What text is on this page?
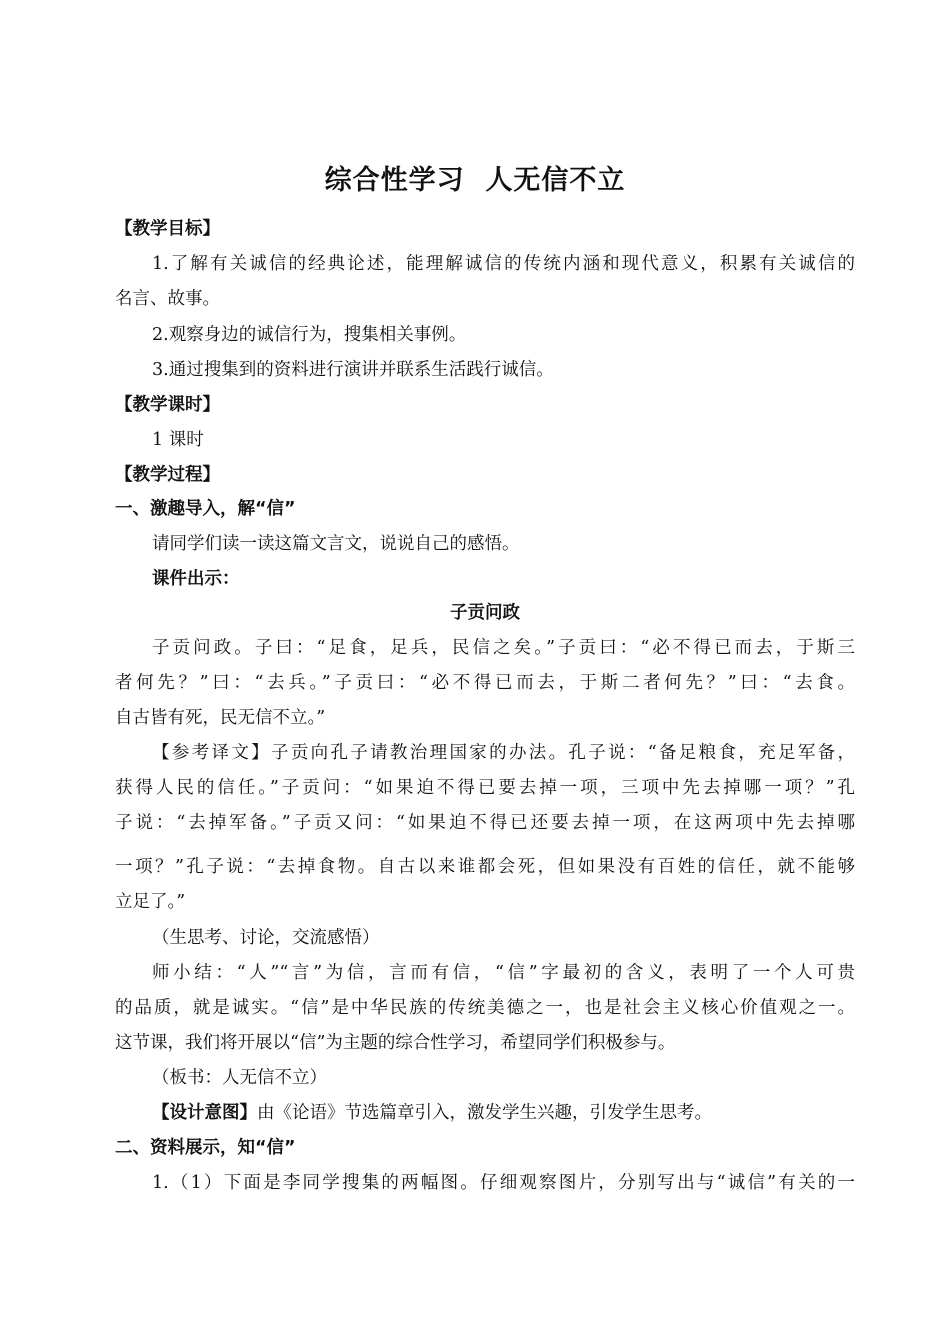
综合性学习  人无信不立
【教学目标】
1.了解有关诚信的经典论述，能理解诚信的传统内涵和现代意义，积累有关诚信的
名言、故事。
2.观察身边的诚信行为，搜集相关事例。
3.通过搜集到的资料进行演讲并联系生活践行诚信。
【教学课时】
1 课时
【教学过程】
一、激趣导入，解“信”
请同学们读一读这篇文言文，说说自己的感悟。
课件出示：
子贡问政
子贡问政。子曰：“足食，足兵，民信之矣。”子贡曰：“必不得已而去，于斯三
者何先？”曰：“去兵。”子贡曰：“必不得已而去，于斯二者何先？”曰：“去食。
自古皆有死，民无信不立。”
【参考译文】子贡向孔子请教治理国家的办法。孔子说：“备足粮食，充足军备，
获得人民的信任。”子贡问：“如果迫不得已要去掉一项，三项中先去掉哪一项？”孔
子说：“去掉军备。”子贡又问：“如果迫不得已还要去掉一项，在这两项中先去掉哪
一项？”孔子说：“去掉食物。自古以来谁都会死，但如果没有百姓的信任，就不能够
立足了。”
（生思考、讨论，交流感悟）
师小结：“人”“言”为信，言而有信，“信”字最初的含义，表明了一个人可贵
的品质，就是诚实。“信”是中华民族的传统美德之一，也是社会主义核心价值观之一。
这节课，我们将开展以“信”为主题的综合性学习，希望同学们积极参与。
（板书：人无信不立）
【设计意图】由《论语》节选篇章引入，激发学生兴趣，引发学生思考。
二、资料展示，知“信”
1.（1）下面是李同学搜集的两幅图。仔细观察图片，分别写出与“诚信”有关的一
